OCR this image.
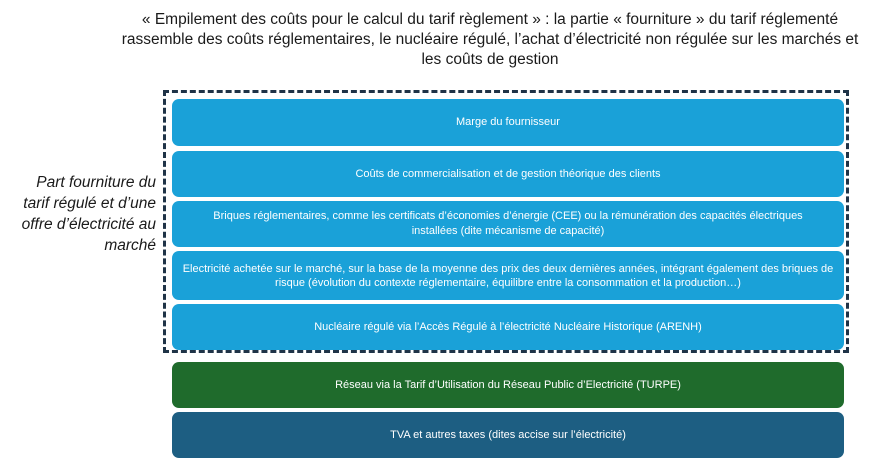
« Empilement des coûts pour le calcul du tarif règlement » : la partie « fourniture » du tarif réglementé rassemble des coûts réglementaires, le nucléaire régulé, l’achat d’électricité non régulée sur les marchés et les coûts de gestion
Part fourniture du tarif régulé et d’une offre d’électricité au marché
Marge du fournisseur
Coûts de commercialisation et de gestion théorique des clients
Briques réglementaires, comme les certificats d’économies d’énergie (CEE) ou la rémunération des capacités électriques installées (dite mécanisme de capacité)
Electricité achetée sur le marché, sur la base de la moyenne des prix des deux dernières années, intégrant également des briques de risque (évolution du contexte réglementaire, équilibre entre la consommation et la production…)
Nucléaire régulé via l’Accès Régulé à l’électricité Nucléaire Historique (ARENH)
Réseau via la Tarif d’Utilisation du Réseau Public d’Electricité (TURPE)
TVA et autres taxes (dites accise sur l’électricité)
